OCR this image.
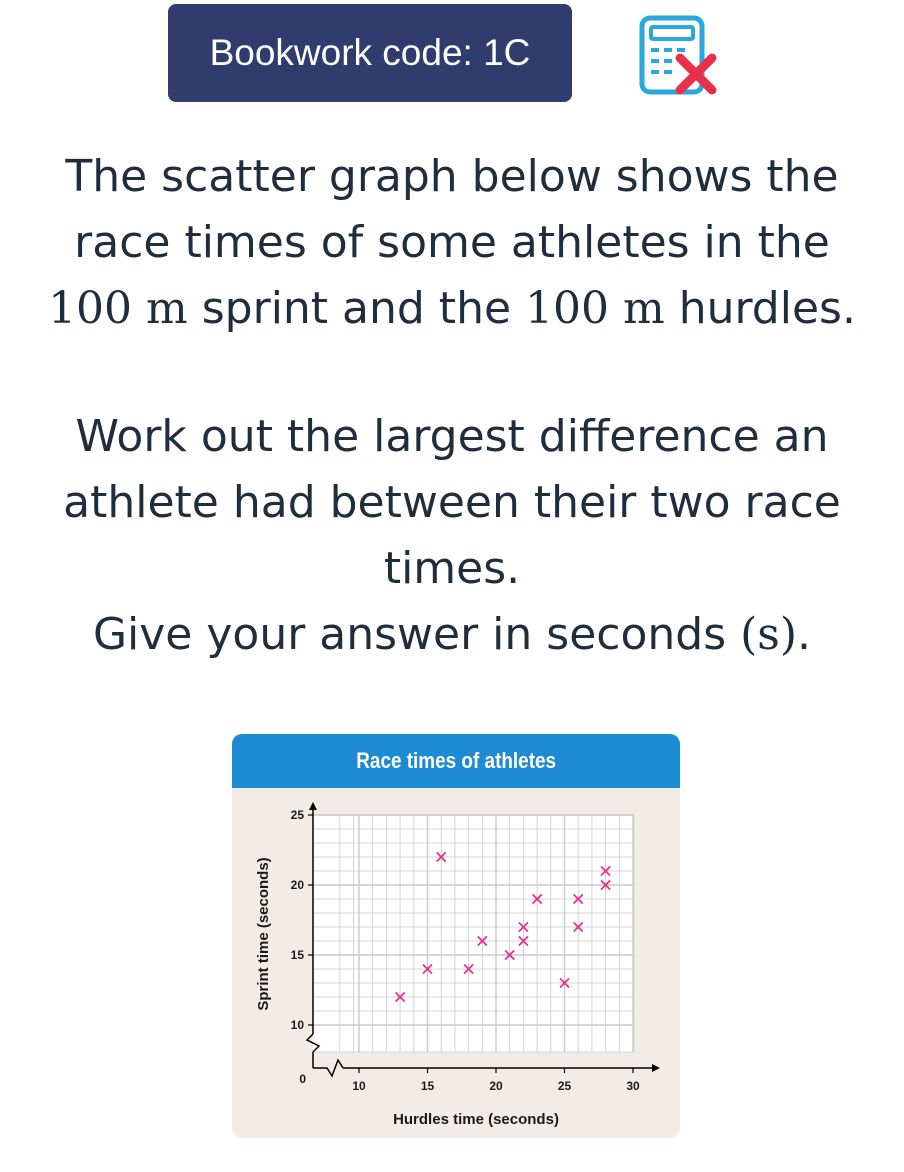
Bookwork code: 1C
The scatter graph below shows the
race times of some athletes in the
100 m sprint and the 100 m hurdles.
Work out the largest difference an
athlete had between their two race
times.
Give your answer in seconds (s).
Race times of athletes
10	15	20	25	30
10
15
20
25
0
Hurdles time (seconds)
Sprint time (seconds)
